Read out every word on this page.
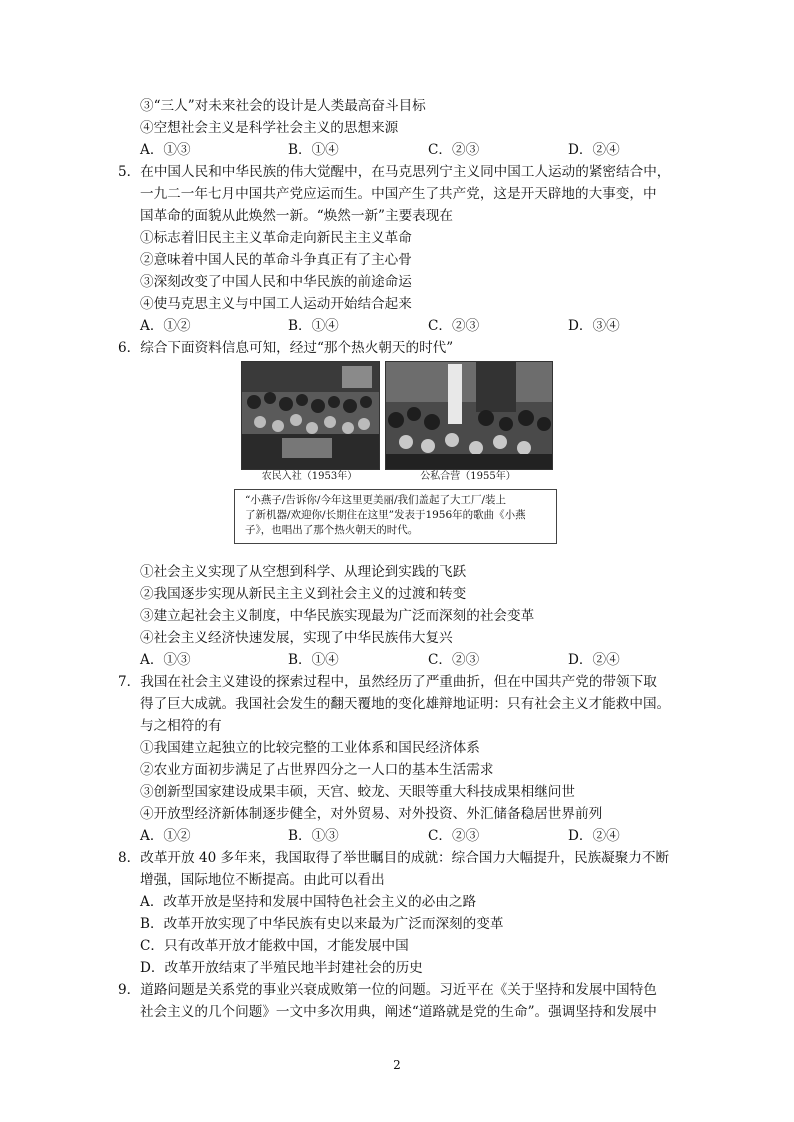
③“三人”对未来社会的设计是人类最高奋斗目标
④空想社会主义是科学社会主义的思想来源
A．①③	B．①④	C．②③	D．②④
5．在中国人民和中华民族的伟大觉醒中，在马克思列宁主义同中国工人运动的紧密结合中，
一九二一年七月中国共产党应运而生。中国产生了共产党，这是开天辟地的大事变，中
国革命的面貌从此焕然一新。“焕然一新”主要表现在
①标志着旧民主主义革命走向新民主主义革命
②意味着中国人民的革命斗争真正有了主心骨
③深刻改变了中国人民和中华民族的前途命运
④使马克思主义与中国工人运动开始结合起来
A．①②	B．①④	C．②③	D．③④
6．综合下面资料信息可知，经过“那个热火朝天的时代”
农民入社（1953年）	公私合营（1955年）
“小燕子/告诉你/今年这里更美丽/我们盖起了大工厂/装上
了新机器/欢迎你/长期住在这里”发表于1956年的歌曲《小燕
子》，也唱出了那个热火朝天的时代。
①社会主义实现了从空想到科学、从理论到实践的飞跃
②我国逐步实现从新民主主义到社会主义的过渡和转变
③建立起社会主义制度，中华民族实现最为广泛而深刻的社会变革
④社会主义经济快速发展，实现了中华民族伟大复兴
A．①③	B．①④	C．②③	D．②④
7．我国在社会主义建设的探索过程中，虽然经历了严重曲折，但在中国共产党的带领下取
得了巨大成就。我国社会发生的翻天覆地的变化雄辩地证明：只有社会主义才能救中国。
与之相符的有
①我国建立起独立的比较完整的工业体系和国民经济体系
②农业方面初步满足了占世界四分之一人口的基本生活需求
③创新型国家建设成果丰硕，天宫、蛟龙、天眼等重大科技成果相继问世
④开放型经济新体制逐步健全，对外贸易、对外投资、外汇储备稳居世界前列
A．①②	B．①③	C．②③	D．②④
8．改革开放 40 多年来，我国取得了举世瞩目的成就：综合国力大幅提升，民族凝聚力不断
增强，国际地位不断提高。由此可以看出
A．改革开放是坚持和发展中国特色社会主义的必由之路
B．改革开放实现了中华民族有史以来最为广泛而深刻的变革
C．只有改革开放才能救中国，才能发展中国
D．改革开放结束了半殖民地半封建社会的历史
9．道路问题是关系党的事业兴衰成败第一位的问题。习近平在《关于坚持和发展中国特色
社会主义的几个问题》一文中多次用典，阐述“道路就是党的生命”。强调坚持和发展中
2
